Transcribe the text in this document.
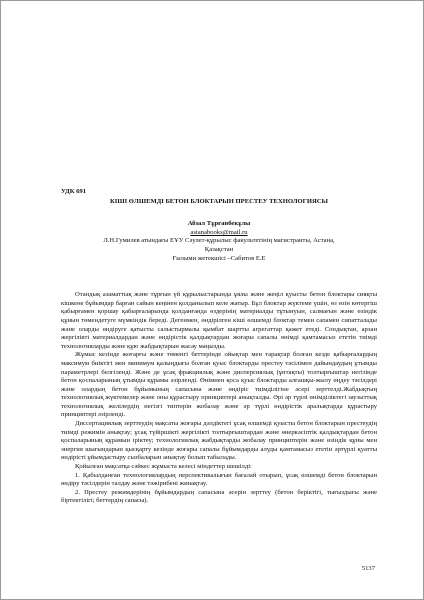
УДК 691

КІШІ ӨЛШЕМДІ БЕТОН БЛОКТАРЫН ПРЕСТЕУ ТЕХНОЛОГИЯСЫ

Абзал Тұрғанбекұлы

astanabooks@mail.ru

Л.Н.Гумилев атындағы ЕҰУ Сәулет-құрылыс факультетінің магистранты, Астана,

Қазақстан

Ғылыми жетекшісі –Сабитов Е.Е

Отандық азаматтық және тұрғын үй құрылыстарында ұялы және жеңіл қуысты бетон блоктары сияқты кішкене бұйымдар барған сайын кеңінен қолданылып келе жатыр. Бұл блоктар жүктеме үшін, өз өзін көтергіш қабырғамен қоршау қабырғаларында қолданғанда өздерінің материалды тұтынуын, салмағын және өзіндік құнын төмендетуге мүмкіндік береді. Дегенмен, өндірілген кіші өлшемді блоктар темен сапамен сипатталады және оларды өндіруге қатысты салыстырмалы қымбат шартты агрегаттар қажет етеді. Сондықтан, арзан жергілікті материалдардан және өндірістік қалдықтардан жоғары сапалы өнімді қамтамасыз ететін тиімді технологияларды және құю жабдықтарын жасау маңызды.

Жұмыс кезінде жоғарғы және төменгі беттерінде ойықтар мен тарақтар болған кезде қабырғалардың максимум биіктігі мен минимум қалыңдығы болған қуыс блоктарды престеу тәсілімен дайындаудың ұтымды параметрлері белгіленді. Және де ұсақ фракциялық және дисперсиялық (ұнтақты) толтырғыштар негізінде бетон қоспаларының ұтымды құрамы әзірленді. Өнімнен қоса қуыс блоктарды алғашқы-жылу өңдеу тәсілдері және олардың бетон бұйымының сапасына және өндіріс тиімділігіне әсері зерттелді.Жабдықтың технологиялық жүктемелер және оны құрастыру принциптері анықталды. Әрі әр түрлі өнімділіктегі заузыттық технологиялық желілердің негізгі типтерін жобалау және әр түрлі өндірістік аралықтарда құрастыру принциптері әзірленді.

Диссертациялық зерттеудің мақсаты жоғары дәлдіктегі ұсақ өлшемді қуысты бетон блоктарын престеудің тиімді режимін анықтау; ұсақ түйіршікті жергілікті толтырғыштардан және өнеркәсіптік қалдықтардан бетон қоспаларының құрамын іріктеу; технологиялық жабдықтарды жобалау принциптерін және өзіндік құны мен энергия шығындарын қысқарту кезінде жоғары сапалы бұйымдарды алуды қамтамасыз ететін әртүрлі қуатты өндірісті ұйымдастыру сызбаларын анықтау болып табылады.

Қойылған мақсатқа сәйкес жұмыста келесі міндеттер шешілді:

1. Қабылданған технологиялардың перспективалығын бағалай отырып, ұсақ өлшемді бетон блоктарын өндіру тәсілдерін талдау және тәжірибені жинақтау.

2. Престеу режимдерінің бұйымдардың сапасына әсерін зерттеу (бетон беріктігі, тығыздығы және біртектілігі; беттердің сапасы).

5137
